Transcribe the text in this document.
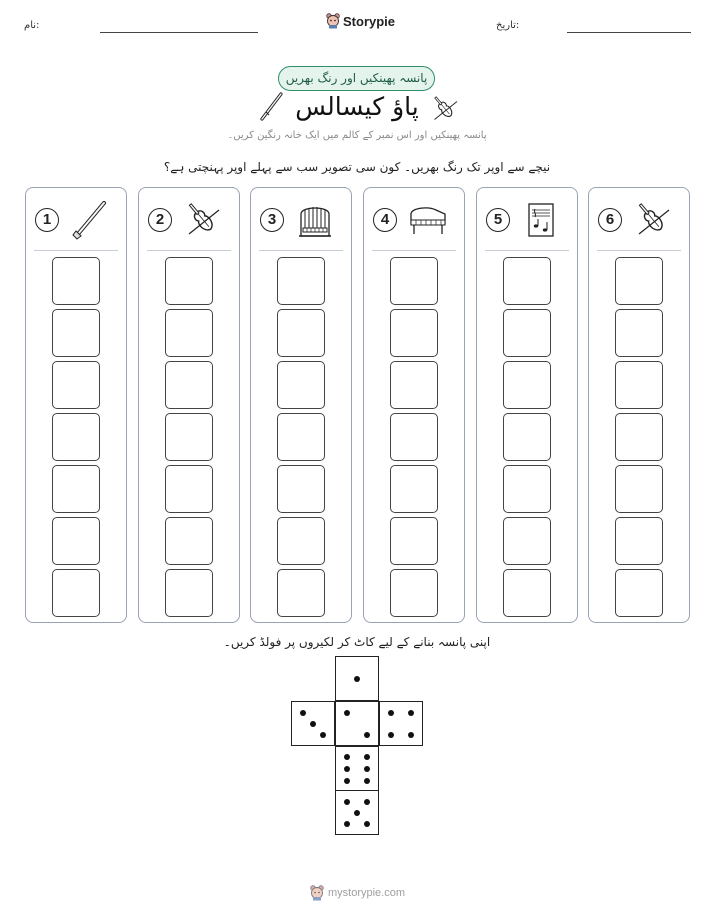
نام:	Storypie	تاریخ:
پانسہ پھینکیں اور رنگ بھریں
پاؤ کیسالس
پانسہ پھینکیں اور اس نمبر کے کالم میں ایک خانہ رنگین کریں۔
نیچے سے اوپر تک رنگ بھریں۔ کون سی تصویر سب سے پہلے اوپر پہنچتی ہے؟
1	2	3	4	5	6
اپنی پانسہ بنانے کے لیے کاٹ کر لکیروں پر فولڈ کریں۔
mystorypie.com
